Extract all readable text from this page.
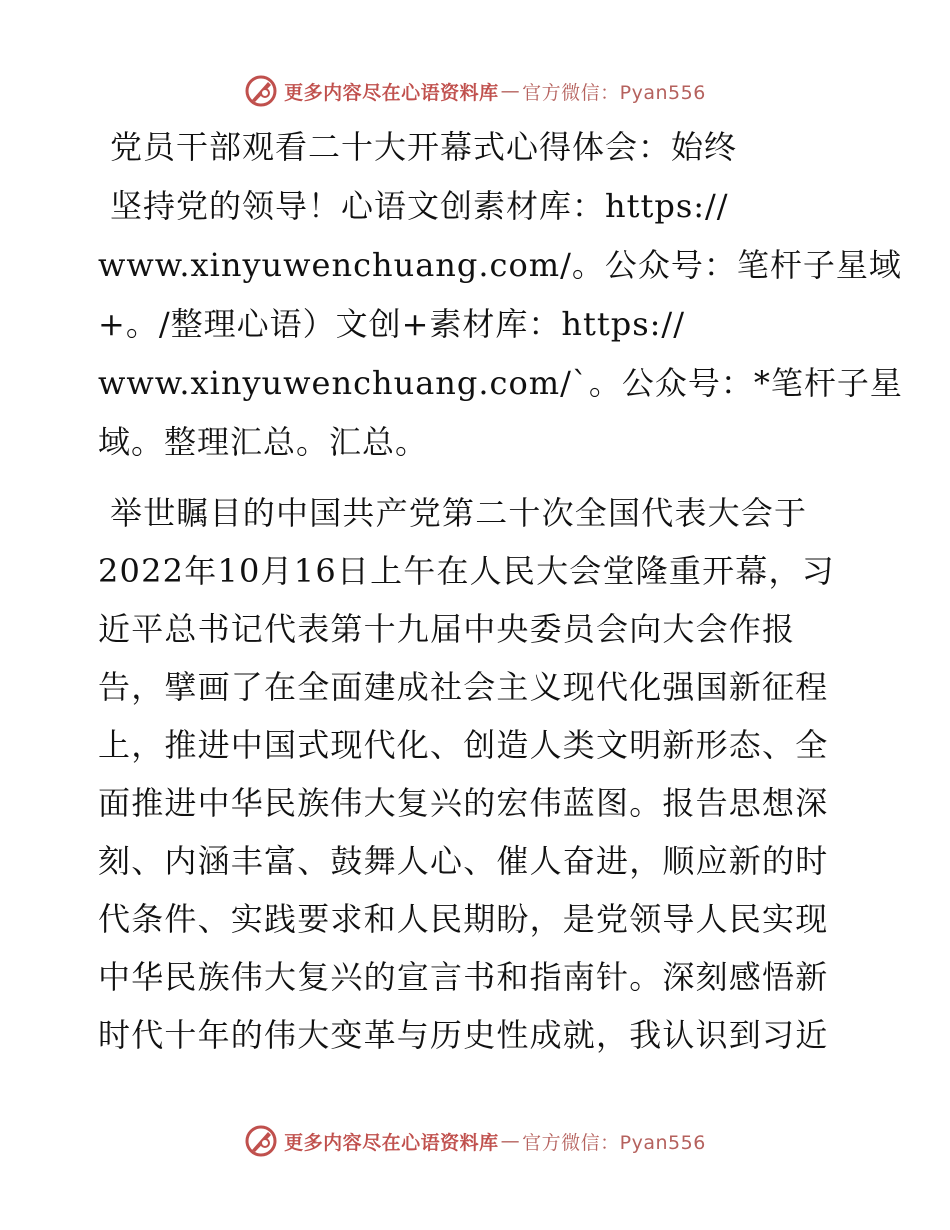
更多内容尽在心语资料库 — 官方微信：Pyan556
党员干部观看二十大开幕式心得体会：始终
坚持党的领导！心语文创素材库：https://
www.xinyuwenchuang.com/。公众号：笔杆子星域
+。/整理心语）文创+素材库：https://
www.xinyuwenchuang.com/`。公众号：*笔杆子星
域。整理汇总。汇总。
举世瞩目的中国共产党第二十次全国代表大会于
2022年10月16日上午在人民大会堂隆重开幕，习
近平总书记代表第十九届中央委员会向大会作报
告，擘画了在全面建成社会主义现代化强国新征程
上，推进中国式现代化、创造人类文明新形态、全
面推进中华民族伟大复兴的宏伟蓝图。报告思想深
刻、内涵丰富、鼓舞人心、催人奋进，顺应新的时
代条件、实践要求和人民期盼，是党领导人民实现
中华民族伟大复兴的宣言书和指南针。深刻感悟新
时代十年的伟大变革与历史性成就，我认识到习近
更多内容尽在心语资料库 — 官方微信：Pyan556
